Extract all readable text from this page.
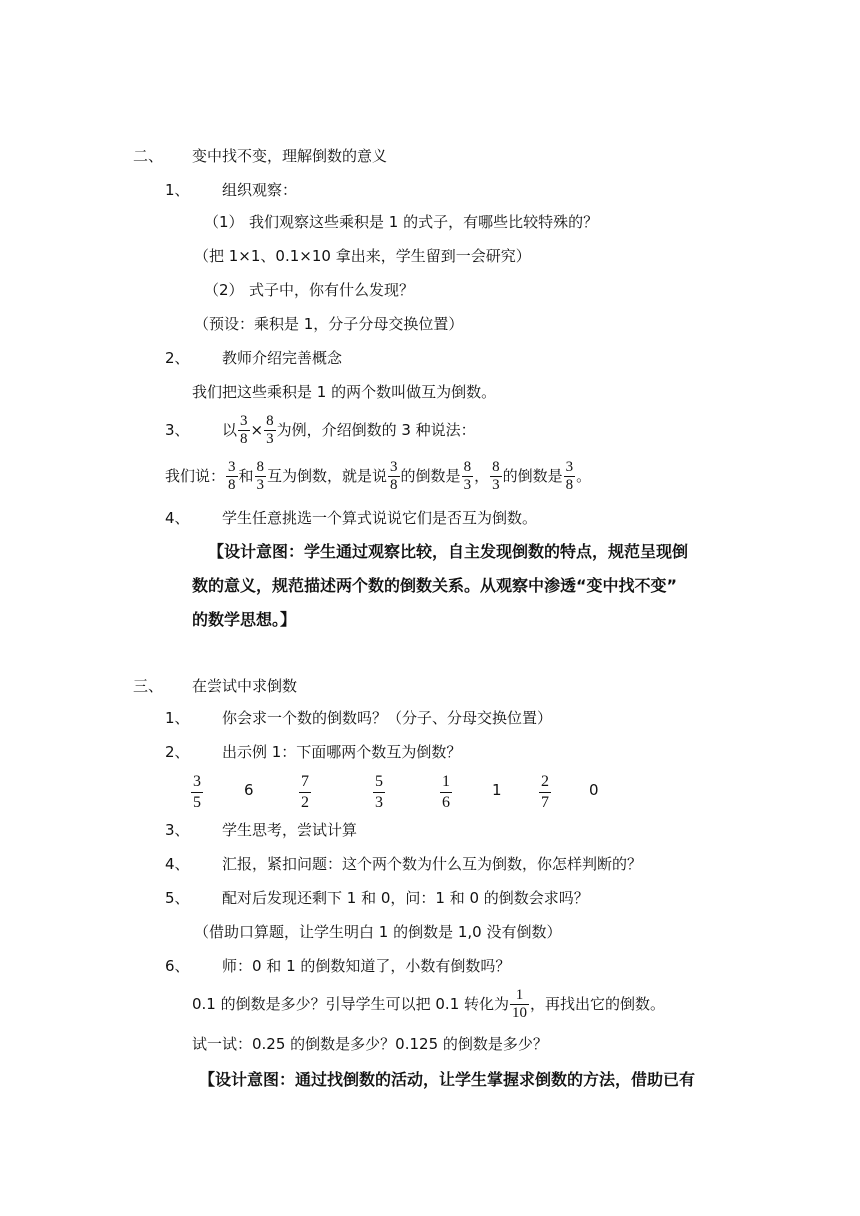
二、 变中找不变，理解倒数的意义
1、 组织观察：
（1） 我们观察这些乘积是 1 的式子，有哪些比较特殊的？
（把 1×1、0.1×10 拿出来，学生留到一会研究）
（2） 式子中，你有什么发现？
（预设：乘积是 1，分子分母交换位置）
2、 教师介绍完善概念
我们把这些乘积是 1 的两个数叫做互为倒数。
3、 以 $\frac{3}{8} \times \frac{8}{3}$ 为例，介绍倒数的 3 种说法：
我们说： $\frac{3}{8}$ 和 $\frac{8}{3}$ 互为倒数，就是说 $\frac{3}{8}$ 的倒数是 $\frac{8}{3}$ ， $\frac{8}{3}$ 的倒数是 $\frac{3}{8}$ 。
4、 学生任意挑选一个算式说说它们是否互为倒数。
【设计意图：学生通过观察比较，自主发现倒数的特点，规范呈现倒
数的意义，规范描述两个数的倒数关系。从观察中渗透“变中找不变”
的数学思想。】
三、 在尝试中求倒数
1、 你会求一个数的倒数吗？（分子、分母交换位置）
2、 出示例 1：下面哪两个数互为倒数？
$\frac{3}{5}$	6	$\frac{7}{2}$	$\frac{5}{3}$	$\frac{1}{6}$	$1 \frac{2}{7}$	0
3、 学生思考，尝试计算
4、 汇报，紧扣问题：这个两个数为什么互为倒数，你怎样判断的？
5、 配对后发现还剩下 1 和 0，问：1 和 0 的倒数会求吗？
（借助口算题，让学生明白 1 的倒数是 1,0 没有倒数）
6、 师：0 和 1 的倒数知道了，小数有倒数吗？
0.1 的倒数是多少？引导学生可以把 0.1 转化为 $\frac{1}{10}$ ，再找出它的倒数。
试一试：0.25 的倒数是多少？0.125 的倒数是多少？
【设计意图：通过找倒数的活动，让学生掌握求倒数的方法，借助已有
